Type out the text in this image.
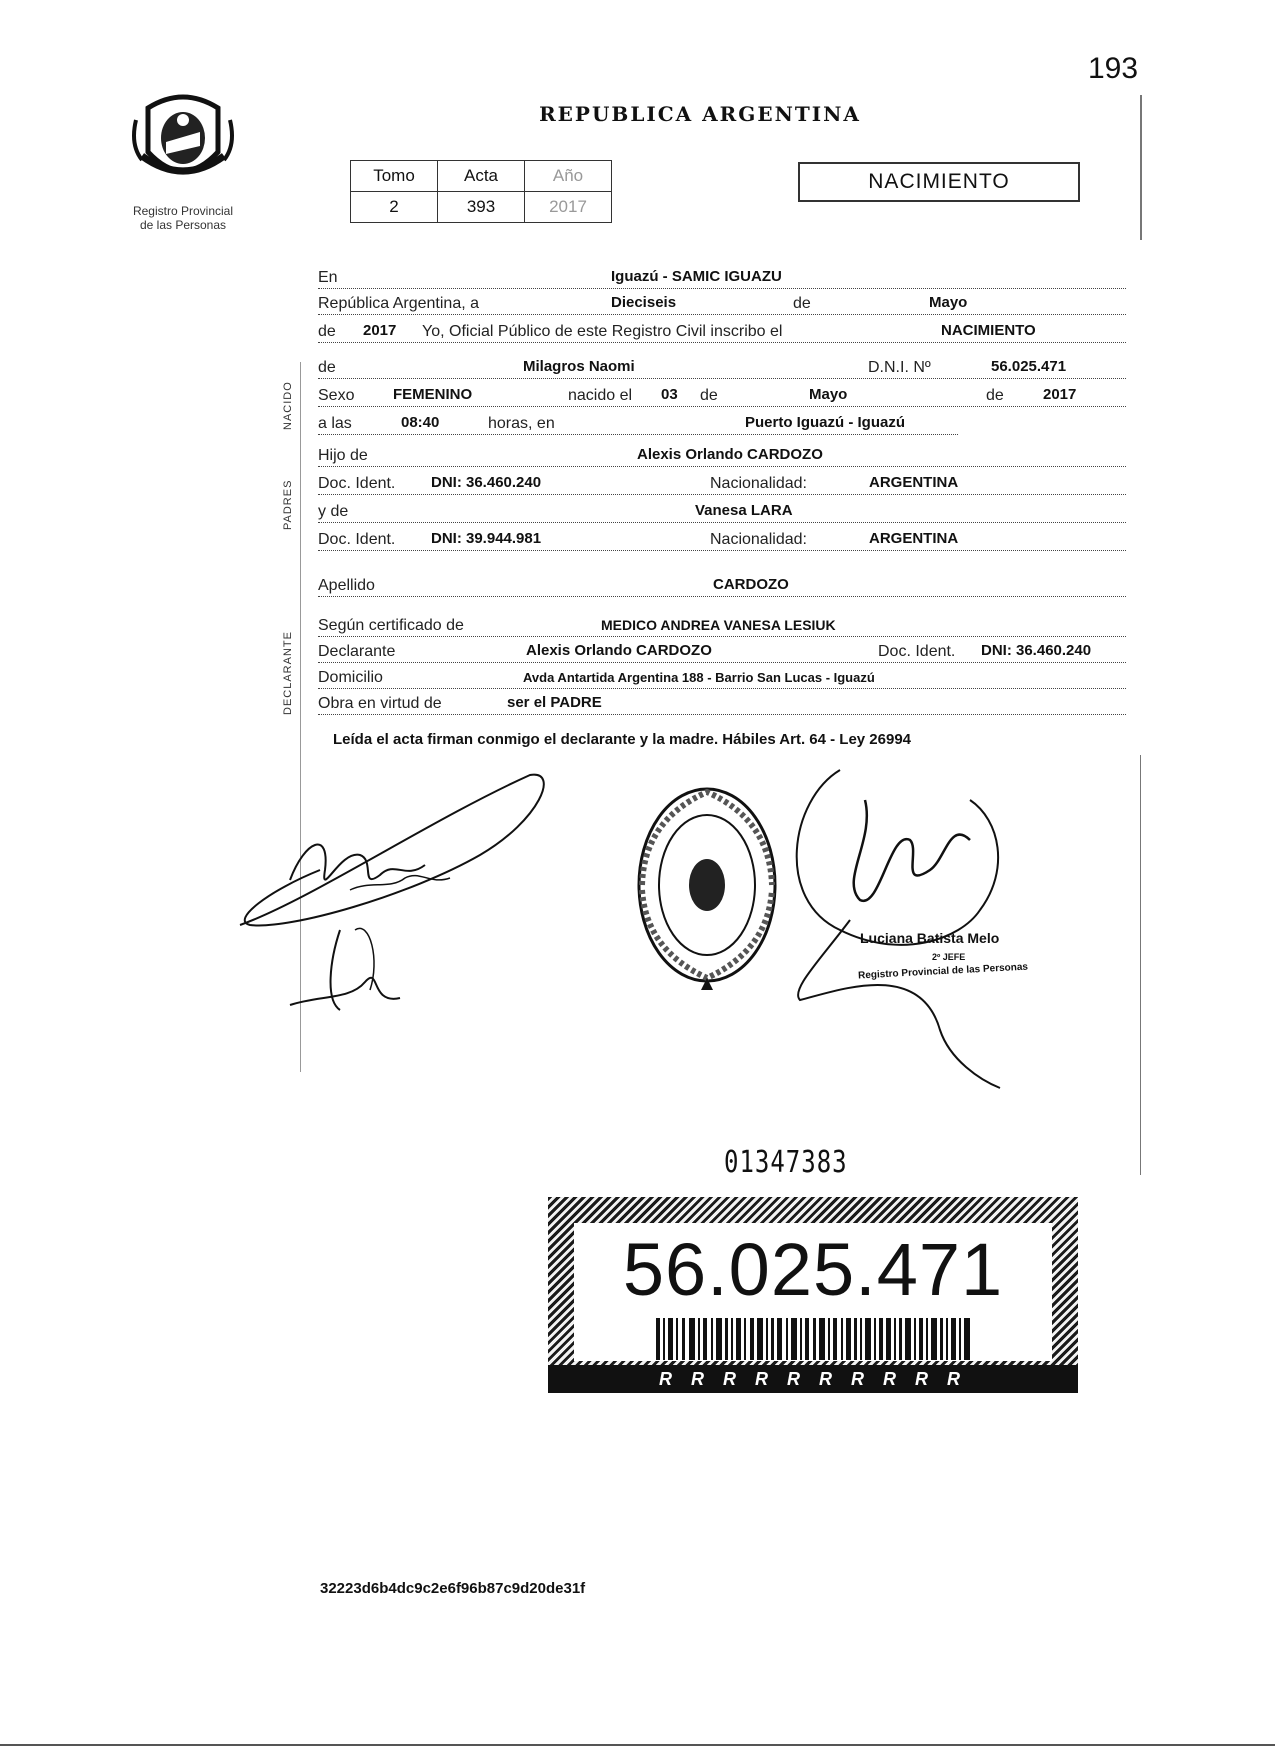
193
Registro Provincial
de las Personas
REPUBLICA ARGENTINA
Tomo	Acta	Año
2	393	2017
NACIMIENTO
NACIDO
PADRES
DECLARANTE
En	Iguazú - SAMIC IGUAZU
República Argentina, a	Dieciseis	de	Mayo
de 2017 Yo, Oficial Público de este Registro Civil inscribo el	NACIMIENTO
de	Milagros Naomi	D.N.I. Nº	56.025.471
Sexo	FEMENINO	nacido el 03 de	Mayo	de	2017
a las	08:40	horas, en	Puerto Iguazú - Iguazú
Hijo de	Alexis Orlando CARDOZO
Doc. Ident. DNI: 36.460.240	Nacionalidad:	ARGENTINA
y de	Vanesa LARA
Doc. Ident. DNI: 39.944.981	Nacionalidad:	ARGENTINA
Apellido	CARDOZO
Según certificado de	MEDICO ANDREA VANESA LESIUK
Declarante	Alexis Orlando CARDOZO	Doc. Ident. DNI: 36.460.240
Domicilio	Avda Antartida Argentina 188 - Barrio San Lucas - Iguazú
Obra en virtud de	ser el PADRE
Leída el acta firman conmigo el declarante y la madre. Hábiles Art. 64 - Ley 26994
Luciana Batista Melo
2º JEFE
Registro Provincial de las Personas
01347383
56.025.471
R R R R R R R R R R
32223d6b4dc9c2e6f96b87c9d20de31f
